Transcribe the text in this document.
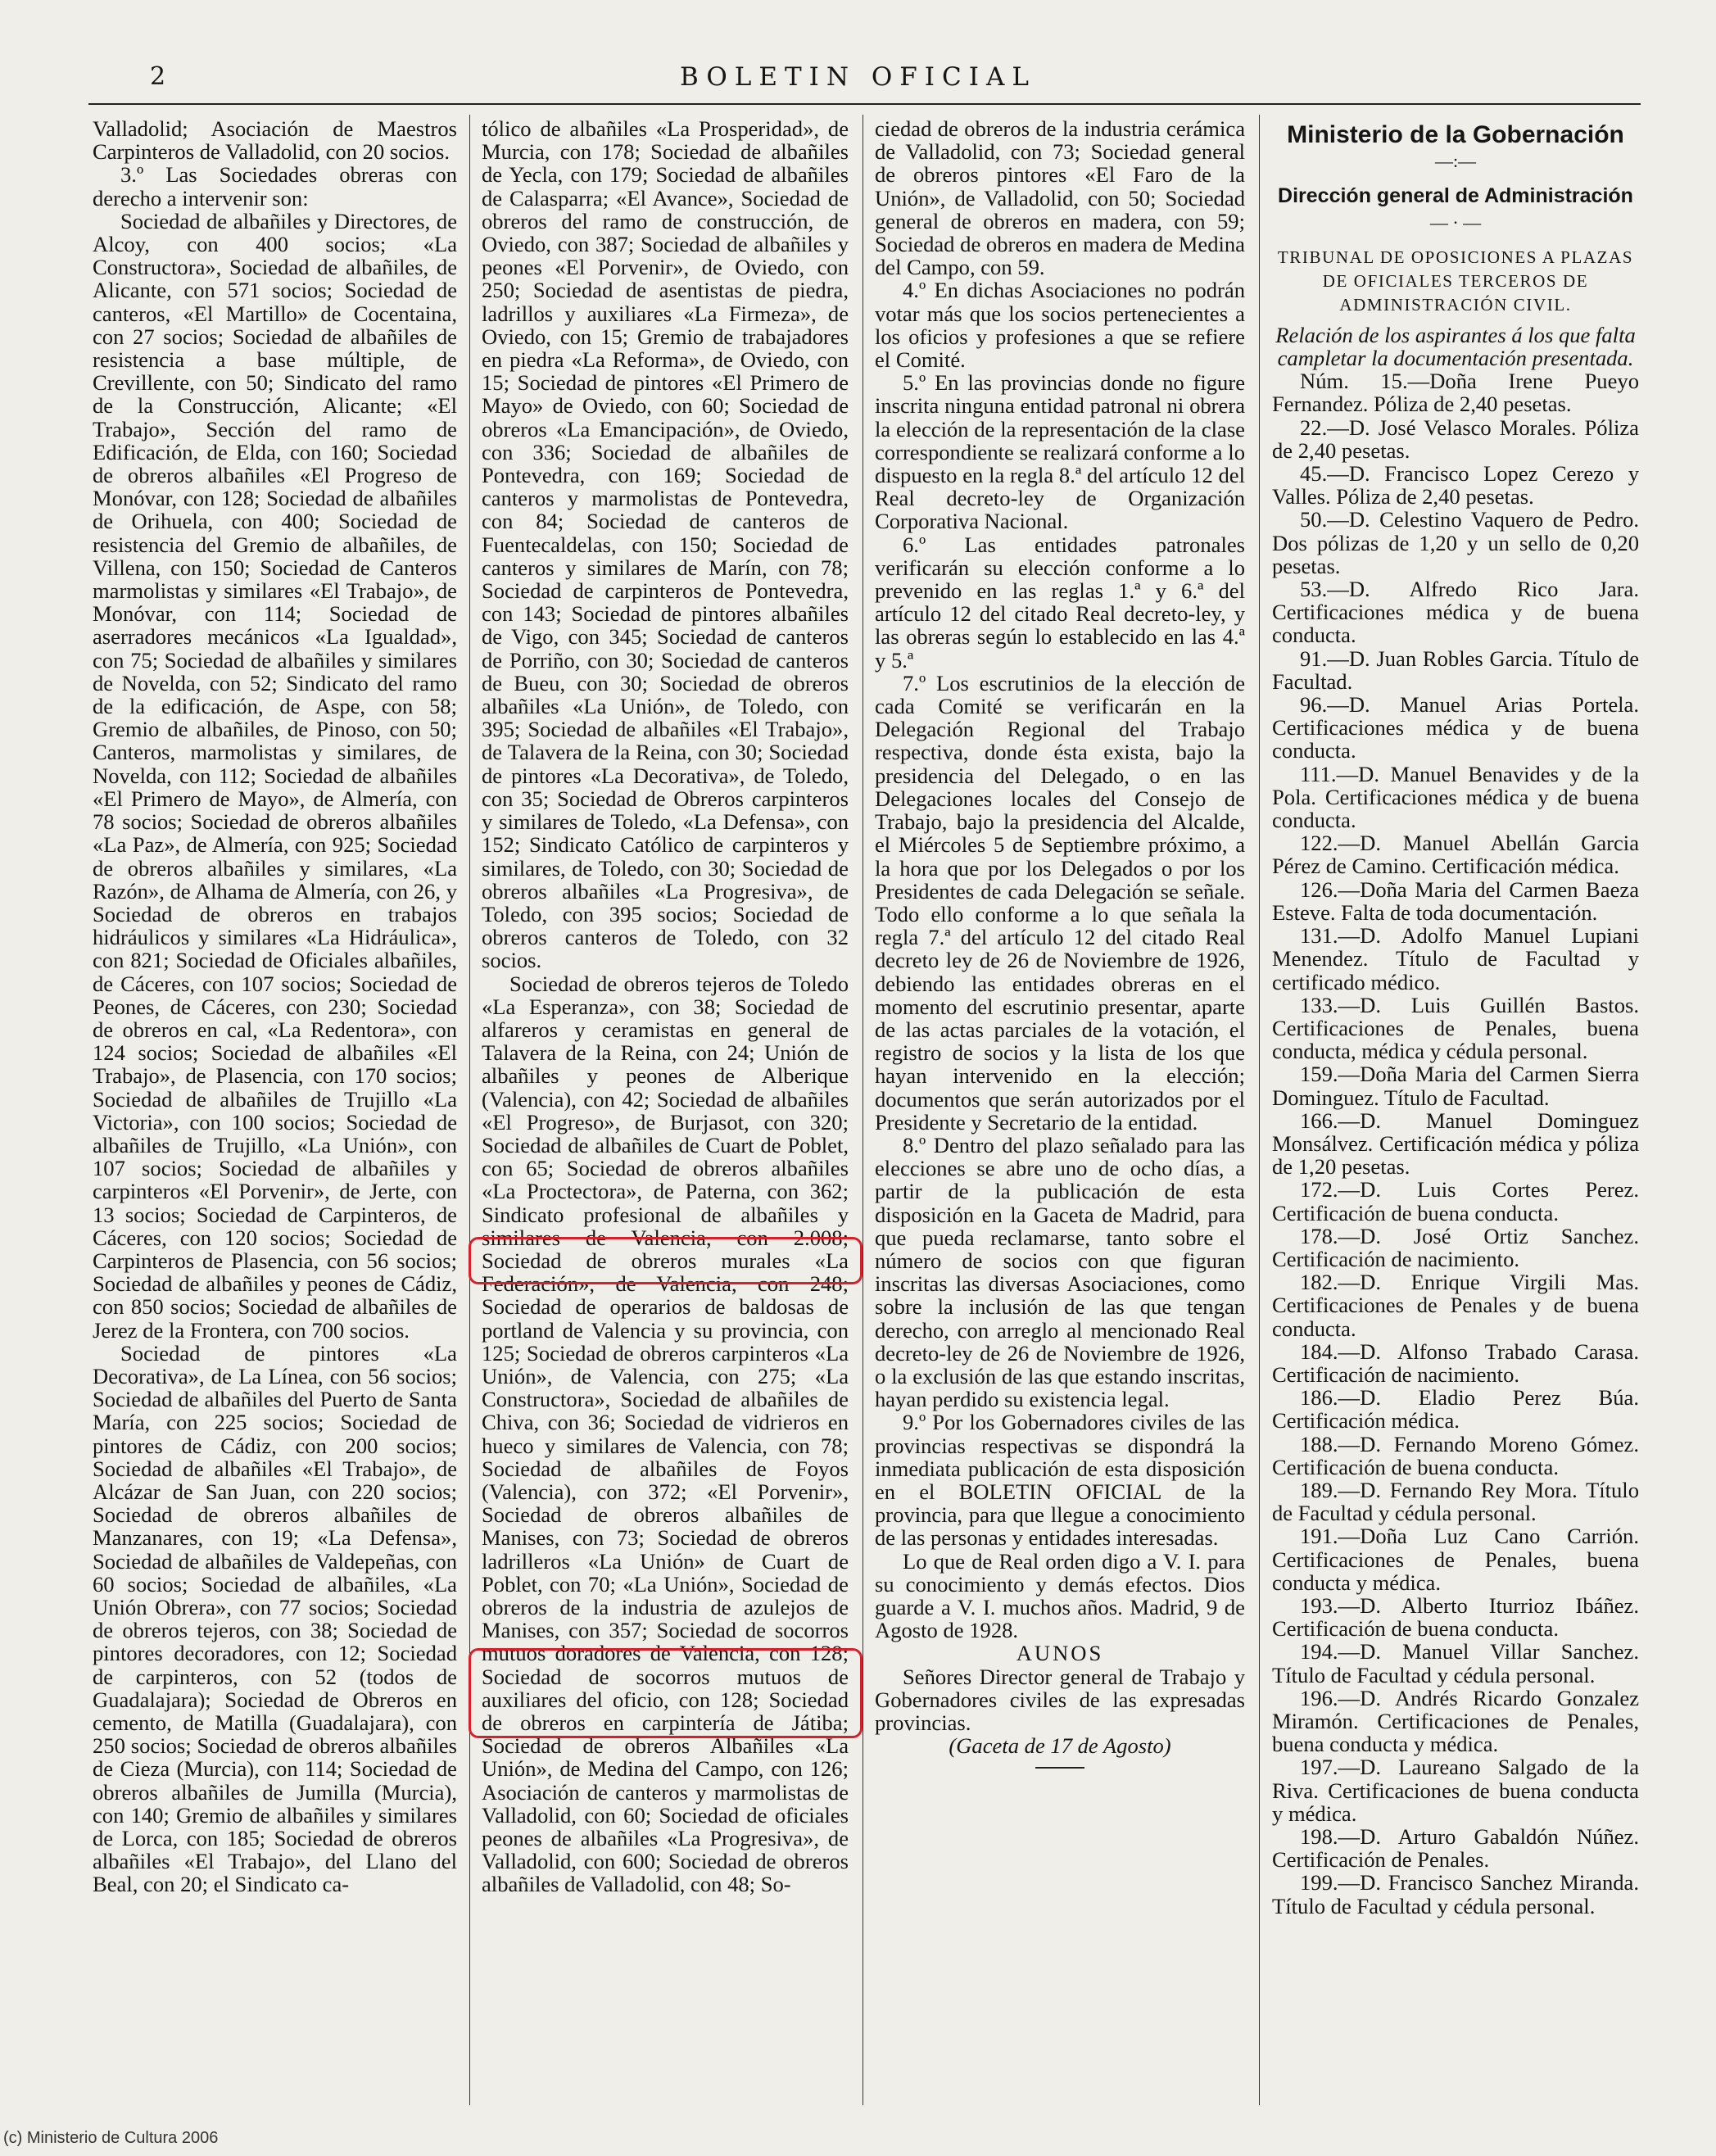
2	BOLETIN OFICIAL

Valladolid; Asociación de Maestros Carpinteros de Valladolid, con 20 socios.

3.º Las Sociedades obreras con derecho a intervenir son:

Sociedad de albañiles y Directores, de Alcoy, con 400 socios; «La Constructora», Sociedad de albañiles, de Alicante, con 571 socios; Sociedad de canteros, «El Martillo» de Cocentaina, con 27 socios; Sociedad de albañiles de resistencia a base múltiple, de Crevillente, con 50; Sindicato del ramo de la Construcción, Alicante; «El Trabajo», Sección del ramo de Edificación, de Elda, con 160; Sociedad de obreros albañiles «El Progreso de Monóvar, con 128; Sociedad de albañiles de Orihuela, con 400; Sociedad de resistencia del Gremio de albañiles, de Villena, con 150; Sociedad de Canteros marmolistas y similares «El Trabajo», de Monóvar, con 114; Sociedad de aserradores mecánicos «La Igualdad», con 75; Sociedad de albañiles y similares de Novelda, con 52; Sindicato del ramo de la edificación, de Aspe, con 58; Gremio de albañiles, de Pinoso, con 50; Canteros, marmolistas y similares, de Novelda, con 112; Sociedad de albañiles «El Primero de Mayo», de Almería, con 78 socios; Sociedad de obreros albañiles «La Paz», de Almería, con 925; Sociedad de obreros albañiles y similares, «La Razón», de Alhama de Almería, con 26, y Sociedad de obreros en trabajos hidráulicos y similares «La Hidráulica», con 821; Sociedad de Oficiales albañiles, de Cáceres, con 107 socios; Sociedad de Peones, de Cáceres, con 230; Sociedad de obreros en cal, «La Redentora», con 124 socios; Sociedad de albañiles «El Trabajo», de Plasencia, con 170 socios; Sociedad de albañiles de Trujillo «La Victoria», con 100 socios; Sociedad de albañiles de Trujillo, «La Unión», con 107 socios; Sociedad de albañiles y carpinteros «El Porvenir», de Jerte, con 13 socios; Sociedad de Carpinteros, de Cáceres, con 120 socios; Sociedad de Carpinteros de Plasencia, con 56 socios; Sociedad de albañiles y peones de Cádiz, con 850 socios; Sociedad de albañiles de Jerez de la Frontera, con 700 socios.

Sociedad de pintores «La Decorativa», de La Línea, con 56 socios; Sociedad de albañiles del Puerto de Santa María, con 225 socios; Sociedad de pintores de Cádiz, con 200 socios; Sociedad de albañiles «El Trabajo», de Alcázar de San Juan, con 220 socios; Sociedad de obreros albañiles de Manzanares, con 19; «La Defensa», Sociedad de albañiles de Valdepeñas, con 60 socios; Sociedad de albañiles, «La Unión Obrera», con 77 socios; Sociedad de obreros tejeros, con 38; Sociedad de pintores decoradores, con 12; Sociedad de carpinteros, con 52 (todos de Guadalajara); Sociedad de Obreros en cemento, de Matilla (Guadalajara), con 250 socios; Sociedad de obreros albañiles de Cieza (Murcia), con 114; Sociedad de obreros albañiles de Jumilla (Murcia), con 140; Gremio de albañiles y similares de Lorca, con 185; Sociedad de obreros albañiles «El Trabajo», del Llano del Beal, con 20; el Sindicato ca-

tólico de albañiles «La Prosperidad», de Murcia, con 178; Sociedad de albañiles de Yecla, con 179; Sociedad de albañiles de Calasparra; «El Avance», Sociedad de obreros del ramo de construcción, de Oviedo, con 387; Sociedad de albañiles y peones «El Porvenir», de Oviedo, con 250; Sociedad de asentistas de piedra, ladrillos y auxiliares «La Firmeza», de Oviedo, con 15; Gremio de trabajadores en piedra «La Reforma», de Oviedo, con 15; Sociedad de pintores «El Primero de Mayo» de Oviedo, con 60; Sociedad de obreros «La Emancipación», de Oviedo, con 336; Sociedad de albañiles de Pontevedra, con 169; Sociedad de canteros y marmolistas de Pontevedra, con 84; Sociedad de canteros de Fuentecaldelas, con 150; Sociedad de canteros y similares de Marín, con 78; Sociedad de carpinteros de Pontevedra, con 143; Sociedad de pintores albañiles de Vigo, con 345; Sociedad de canteros de Porriño, con 30; Sociedad de canteros de Bueu, con 30; Sociedad de obreros albañiles «La Unión», de Toledo, con 395; Sociedad de albañiles «El Trabajo», de Talavera de la Reina, con 30; Sociedad de pintores «La Decorativa», de Toledo, con 35; Sociedad de Obreros carpinteros y similares de Toledo, «La Defensa», con 152; Sindicato Católico de carpinteros y similares, de Toledo, con 30; Sociedad de obreros albañiles «La Progresiva», de Toledo, con 395 socios; Sociedad de obreros canteros de Toledo, con 32 socios.

Sociedad de obreros tejeros de Toledo «La Esperanza», con 38; Sociedad de alfareros y ceramistas en general de Talavera de la Reina, con 24; Unión de albañiles y peones de Alberique (Valencia), con 42; Sociedad de albañiles «El Progreso», de Burjasot, con 320; Sociedad de albañiles de Cuart de Poblet, con 65; Sociedad de obreros albañiles «La Proctectora», de Paterna, con 362; Sindicato profesional de albañiles y similares de Valencia, con 2.008; Sociedad de obreros murales «La Federación», de Valencia, con 248; Sociedad de operarios de baldosas de portland de Valencia y su provincia, con 125; Sociedad de obreros carpinteros «La Unión», de Valencia, con 275; «La Constructora», Sociedad de albañiles de Chiva, con 36; Sociedad de vidrieros en hueco y similares de Valencia, con 78; Sociedad de albañiles de Foyos (Valencia), con 372; «El Porvenir», Sociedad de obreros albañiles de Manises, con 73; Sociedad de obreros ladrilleros «La Unión» de Cuart de Poblet, con 70; «La Unión», Sociedad de obreros de la industria de azulejos de Manises, con 357; Sociedad de socorros mutuos doradores de Valencia, con 128; Sociedad de socorros mutuos de auxiliares del oficio, con 128; Sociedad de obreros en carpintería de Játiba; Sociedad de obreros Albañiles «La Unión», de Medina del Campo, con 126; Asociación de canteros y marmolistas de Valladolid, con 60; Sociedad de oficiales peones de albañiles «La Progresiva», de Valladolid, con 600; Sociedad de obreros albañiles de Valladolid, con 48; So-

ciedad de obreros de la industria cerámica de Valladolid, con 73; Sociedad general de obreros pintores «El Faro de la Unión», de Valladolid, con 50; Sociedad general de obreros en madera, con 59; Sociedad de obreros en madera de Medina del Campo, con 59.

4.º En dichas Asociaciones no podrán votar más que los socios pertenecientes a los oficios y profesiones a que se refiere el Comité.

5.º En las provincias donde no figure inscrita ninguna entidad patronal ni obrera la elección de la representación de la clase correspondiente se realizará conforme a lo dispuesto en la regla 8.ª del artículo 12 del Real decreto-ley de Organización Corporativa Nacional.

6.º Las entidades patronales verificarán su elección conforme a lo prevenido en las reglas 1.ª y 6.ª del artículo 12 del citado Real decreto-ley, y las obreras según lo establecido en las 4.ª y 5.ª

7.º Los escrutinios de la elección de cada Comité se verificarán en la Delegación Regional del Trabajo respectiva, donde ésta exista, bajo la presidencia del Delegado, o en las Delegaciones locales del Consejo de Trabajo, bajo la presidencia del Alcalde, el Miércoles 5 de Septiembre próximo, a la hora que por los Delegados o por los Presidentes de cada Delegación se señale. Todo ello conforme a lo que señala la regla 7.ª del artículo 12 del citado Real decreto ley de 26 de Noviembre de 1926, debiendo las entidades obreras en el momento del escrutinio presentar, aparte de las actas parciales de la votación, el registro de socios y la lista de los que hayan intervenido en la elección; documentos que serán autorizados por el Presidente y Secretario de la entidad.

8.º Dentro del plazo señalado para las elecciones se abre uno de ocho días, a partir de la publicación de esta disposición en la Gaceta de Madrid, para que pueda reclamarse, tanto sobre el número de socios con que figuran inscritas las diversas Asociaciones, como sobre la inclusión de las que tengan derecho, con arreglo al mencionado Real decreto-ley de 26 de Noviembre de 1926, o la exclusión de las que estando inscritas, hayan perdido su existencia legal.

9.º Por los Gobernadores civiles de las provincias respectivas se dispondrá la inmediata publicación de esta disposición en el BOLETIN OFICIAL de la provincia, para que llegue a conocimiento de las personas y entidades interesadas.

Lo que de Real orden digo a V. I. para su conocimiento y demás efectos. Dios guarde a V. I. muchos años. Madrid, 9 de Agosto de 1928.

AUNOS

Señores Director general de Trabajo y Gobernadores civiles de las expresadas provincias.

(Gaceta de 17 de Agosto)

Ministerio de la Gobernación
—:—
Dirección general de Administración
— · —
TRIBUNAL DE OPOSICIONES A PLAZAS DE OFICIALES TERCEROS DE ADMINISTRACIÓN CIVIL.

Relación de los aspirantes á los que falta campletar la documentación presentada.

Núm. 15.—Doña Irene Pueyo Fernandez. Póliza de 2,40 pesetas.

22.—D. José Velasco Morales. Póliza de 2,40 pesetas.

45.—D. Francisco Lopez Cerezo y Valles. Póliza de 2,40 pesetas.

50.—D. Celestino Vaquero de Pedro. Dos pólizas de 1,20 y un sello de 0,20 pesetas.

53.—D. Alfredo Rico Jara. Certificaciones médica y de buena conducta.

91.—D. Juan Robles Garcia. Título de Facultad.

96.—D. Manuel Arias Portela. Certificaciones médica y de buena conducta.

111.—D. Manuel Benavides y de la Pola. Certificaciones médica y de buena conducta.

122.—D. Manuel Abellán Garcia Pérez de Camino. Certificación médica.

126.—Doña Maria del Carmen Baeza Esteve. Falta de toda documentación.

131.—D. Adolfo Manuel Lupiani Menendez. Título de Facultad y certificado médico.

133.—D. Luis Guillén Bastos. Certificaciones de Penales, buena conducta, médica y cédula personal.

159.—Doña Maria del Carmen Sierra Dominguez. Título de Facultad.

166.—D. Manuel Dominguez Monsálvez. Certificación médica y póliza de 1,20 pesetas.

172.—D. Luis Cortes Perez. Certificación de buena conducta.

178.—D. José Ortiz Sanchez. Certificación de nacimiento.

182.—D. Enrique Virgili Mas. Certificaciones de Penales y de buena conducta.

184.—D. Alfonso Trabado Carasa. Certificación de nacimiento.

186.—D. Eladio Perez Búa. Certificación médica.

188.—D. Fernando Moreno Gómez. Certificación de buena conducta.

189.—D. Fernando Rey Mora. Título de Facultad y cédula personal.

191.—Doña Luz Cano Carrión. Certificaciones de Penales, buena conducta y médica.

193.—D. Alberto Iturrioz Ibáñez. Certificación de buena conducta.

194.—D. Manuel Villar Sanchez. Título de Facultad y cédula personal.

196.—D. Andrés Ricardo Gonzalez Miramón. Certificaciones de Penales, buena conducta y médica.

197.—D. Laureano Salgado de la Riva. Certificaciones de buena conducta y médica.

198.—D. Arturo Gabaldón Núñez. Certificación de Penales.

199.—D. Francisco Sanchez Miranda. Título de Facultad y cédula personal.

(c) Ministerio de Cultura 2006
